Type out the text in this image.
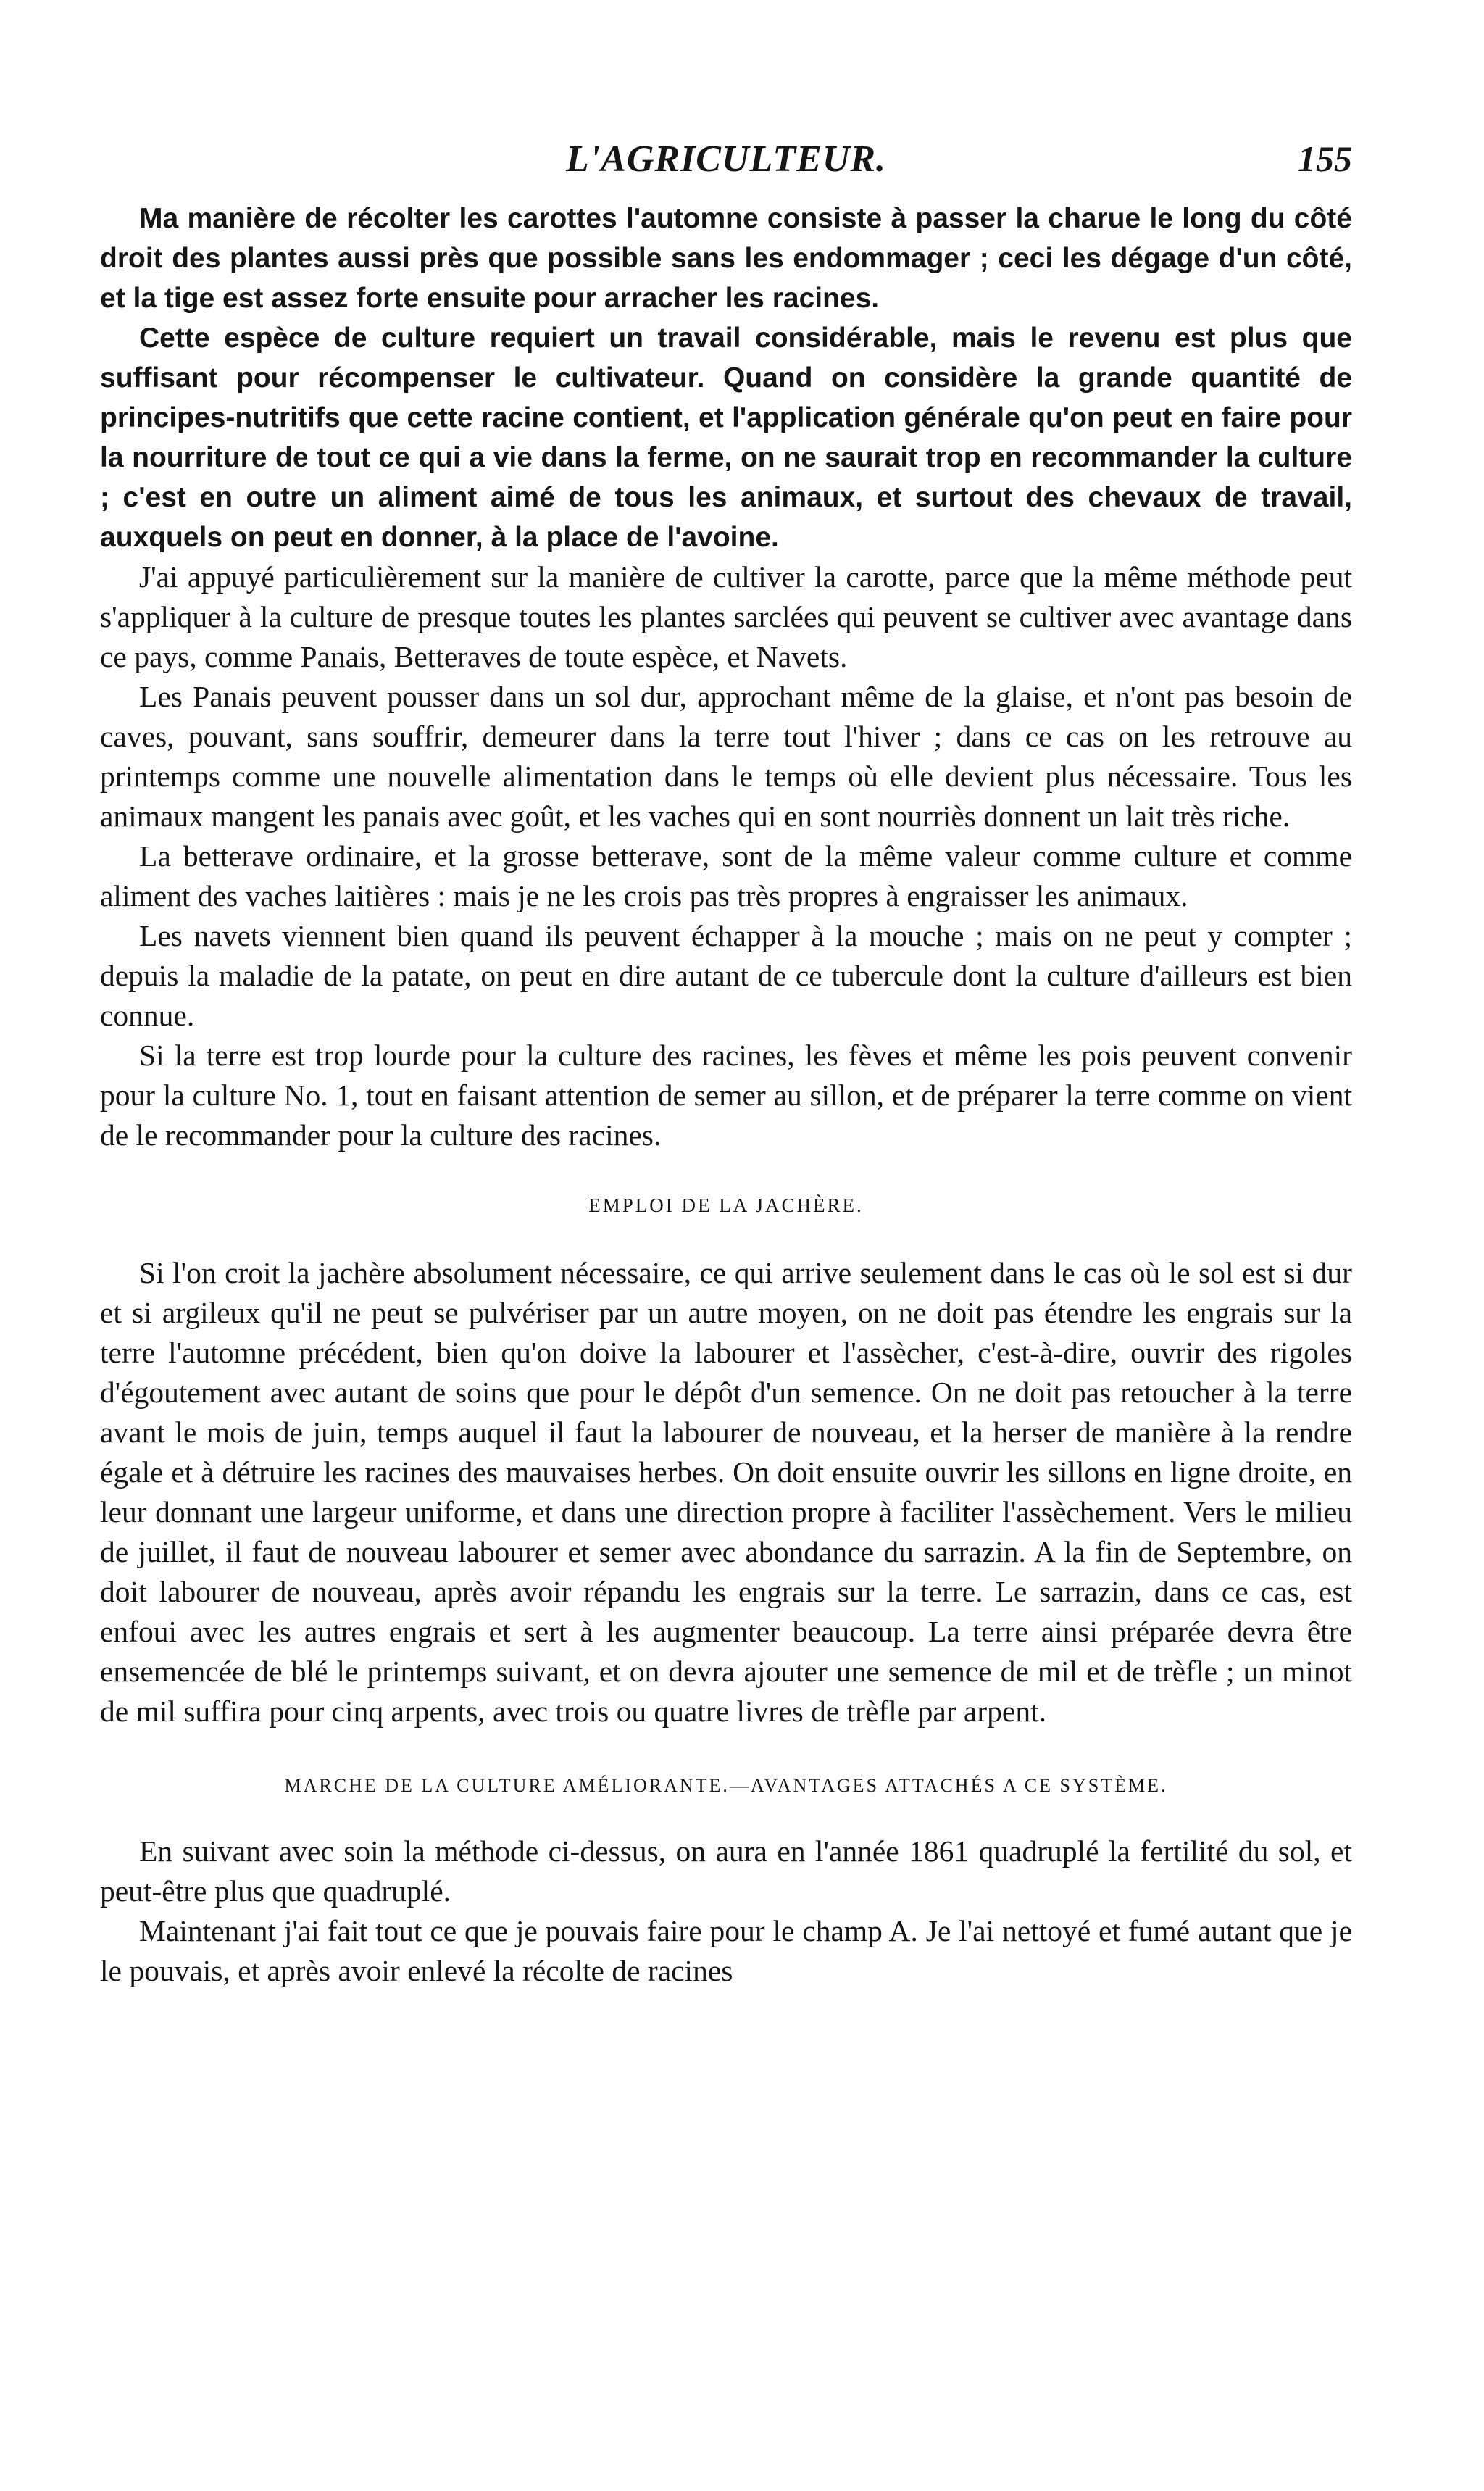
L'AGRICULTEUR.	155

Ma manière de récolter les carottes l'automne consiste à passer la charue le long du côté droit des plantes aussi près que possible sans les endommager ; ceci les dégage d'un côté, et la tige est assez forte ensuite pour arracher les racines.

Cette espèce de culture requiert un travail considérable, mais le revenu est plus que suffisant pour récompenser le cultivateur. Quand on considère la grande quantité de principes-nutritifs que cette racine contient, et l'application générale qu'on peut en faire pour la nourriture de tout ce qui a vie dans la ferme, on ne saurait trop en recommander la culture ; c'est en outre un aliment aimé de tous les animaux, et surtout des chevaux de travail, auxquels on peut en donner, à la place de l'avoine.

J'ai appuyé particulièrement sur la manière de cultiver la carotte, parce que la même méthode peut s'appliquer à la culture de presque toutes les plantes sarclées qui peuvent se cultiver avec avantage dans ce pays, comme Panais, Betteraves de toute espèce, et Navets.

Les Panais peuvent pousser dans un sol dur, approchant même de la glaise, et n'ont pas besoin de caves, pouvant, sans souffrir, demeurer dans la terre tout l'hiver ; dans ce cas on les retrouve au printemps comme une nouvelle alimentation dans le temps où elle devient plus nécessaire. Tous les animaux mangent les panais avec goût, et les vaches qui en sont nourriès donnent un lait très riche.

La betterave ordinaire, et la grosse betterave, sont de la même valeur comme culture et comme aliment des vaches laitières : mais je ne les crois pas très propres à engraisser les animaux.

Les navets viennent bien quand ils peuvent échapper à la mouche ; mais on ne peut y compter ; depuis la maladie de la patate, on peut en dire autant de ce tubercule dont la culture d'ailleurs est bien connue.

Si la terre est trop lourde pour la culture des racines, les fèves et même les pois peuvent convenir pour la culture No. 1, tout en faisant attention de semer au sillon, et de préparer la terre comme on vient de le recommander pour la culture des racines.

EMPLOI DE LA JACHÈRE.

Si l'on croit la jachère absolument nécessaire, ce qui arrive seulement dans le cas où le sol est si dur et si argileux qu'il ne peut se pulvériser par un autre moyen, on ne doit pas étendre les engrais sur la terre l'automne précédent, bien qu'on doive la labourer et l'assècher, c'est-à-dire, ouvrir des rigoles d'égoutement avec autant de soins que pour le dépôt d'un semence. On ne doit pas retoucher à la terre avant le mois de juin, temps auquel il faut la labourer de nouveau, et la herser de manière à la rendre égale et à détruire les racines des mauvaises herbes. On doit ensuite ouvrir les sillons en ligne droite, en leur donnant une largeur uniforme, et dans une direction propre à faciliter l'assèchement. Vers le milieu de juillet, il faut de nouveau labourer et semer avec abondance du sarrazin. A la fin de Septembre, on doit labourer de nouveau, après avoir répandu les engrais sur la terre. Le sarrazin, dans ce cas, est enfoui avec les autres engrais et sert à les augmenter beaucoup. La terre ainsi préparée devra être ensemencée de blé le printemps suivant, et on devra ajouter une semence de mil et de trèfle ; un minot de mil suffira pour cinq arpents, avec trois ou quatre livres de trèfle par arpent.

MARCHE DE LA CULTURE AMÉLIORANTE.—AVANTAGES ATTACHÉS A CE SYSTÈME.

En suivant avec soin la méthode ci-dessus, on aura en l'année 1861 quadruplé la fertilité du sol, et peut-être plus que quadruplé.

Maintenant j'ai fait tout ce que je pouvais faire pour le champ A. Je l'ai nettoyé et fumé autant que je le pouvais, et après avoir enlevé la récolte de racines
